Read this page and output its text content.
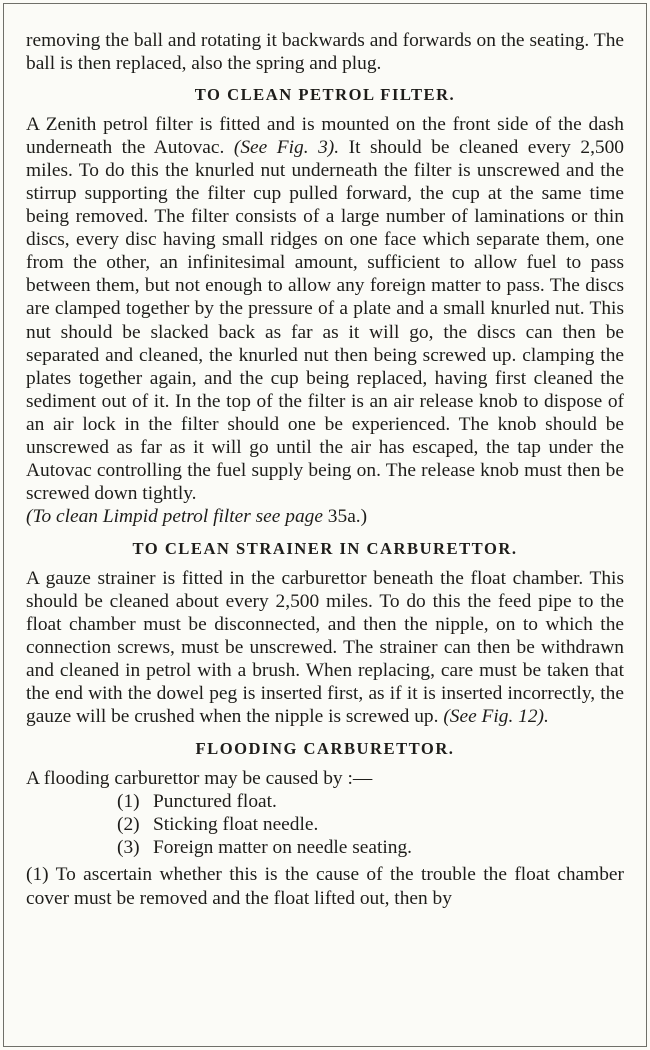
removing the ball and rotating it backwards and forwards on the seating. The ball is then replaced, also the spring and plug.

TO CLEAN PETROL FILTER.

A Zenith petrol filter is fitted and is mounted on the front side of the dash underneath the Autovac. (See Fig. 3). It should be cleaned every 2,500 miles. To do this the knurled nut underneath the filter is unscrewed and the stirrup supporting the filter cup pulled forward, the cup at the same time being removed. The filter consists of a large number of laminations or thin discs, every disc having small ridges on one face which separate them, one from the other, an infinitesimal amount, sufficient to allow fuel to pass between them, but not enough to allow any foreign matter to pass. The discs are clamped together by the pressure of a plate and a small knurled nut. This nut should be slacked back as far as it will go, the discs can then be separated and cleaned, the knurled nut then being screwed up. clamping the plates together again, and the cup being replaced, having first cleaned the sediment out of it. In the top of the filter is an air release knob to dispose of an air lock in the filter should one be experienced. The knob should be unscrewed as far as it will go until the air has escaped, the tap under the Autovac controlling the fuel supply being on. The release knob must then be screwed down tightly.

(To clean Limpid petrol filter see page 35a.)

TO CLEAN STRAINER IN CARBURETTOR.

A gauze strainer is fitted in the carburettor beneath the float chamber. This should be cleaned about every 2,500 miles. To do this the feed pipe to the float chamber must be disconnected, and then the nipple, on to which the connection screws, must be unscrewed. The strainer can then be withdrawn and cleaned in petrol with a brush. When replacing, care must be taken that the end with the dowel peg is inserted first, as if it is inserted incorrectly, the gauze will be crushed when the nipple is screwed up. (See Fig. 12).

FLOODING CARBURETTOR.

A flooding carburettor may be caused by :—

(1) Punctured float.
(2) Sticking float needle.
(3) Foreign matter on needle seating.

(1) To ascertain whether this is the cause of the trouble the float chamber cover must be removed and the float lifted out, then by
